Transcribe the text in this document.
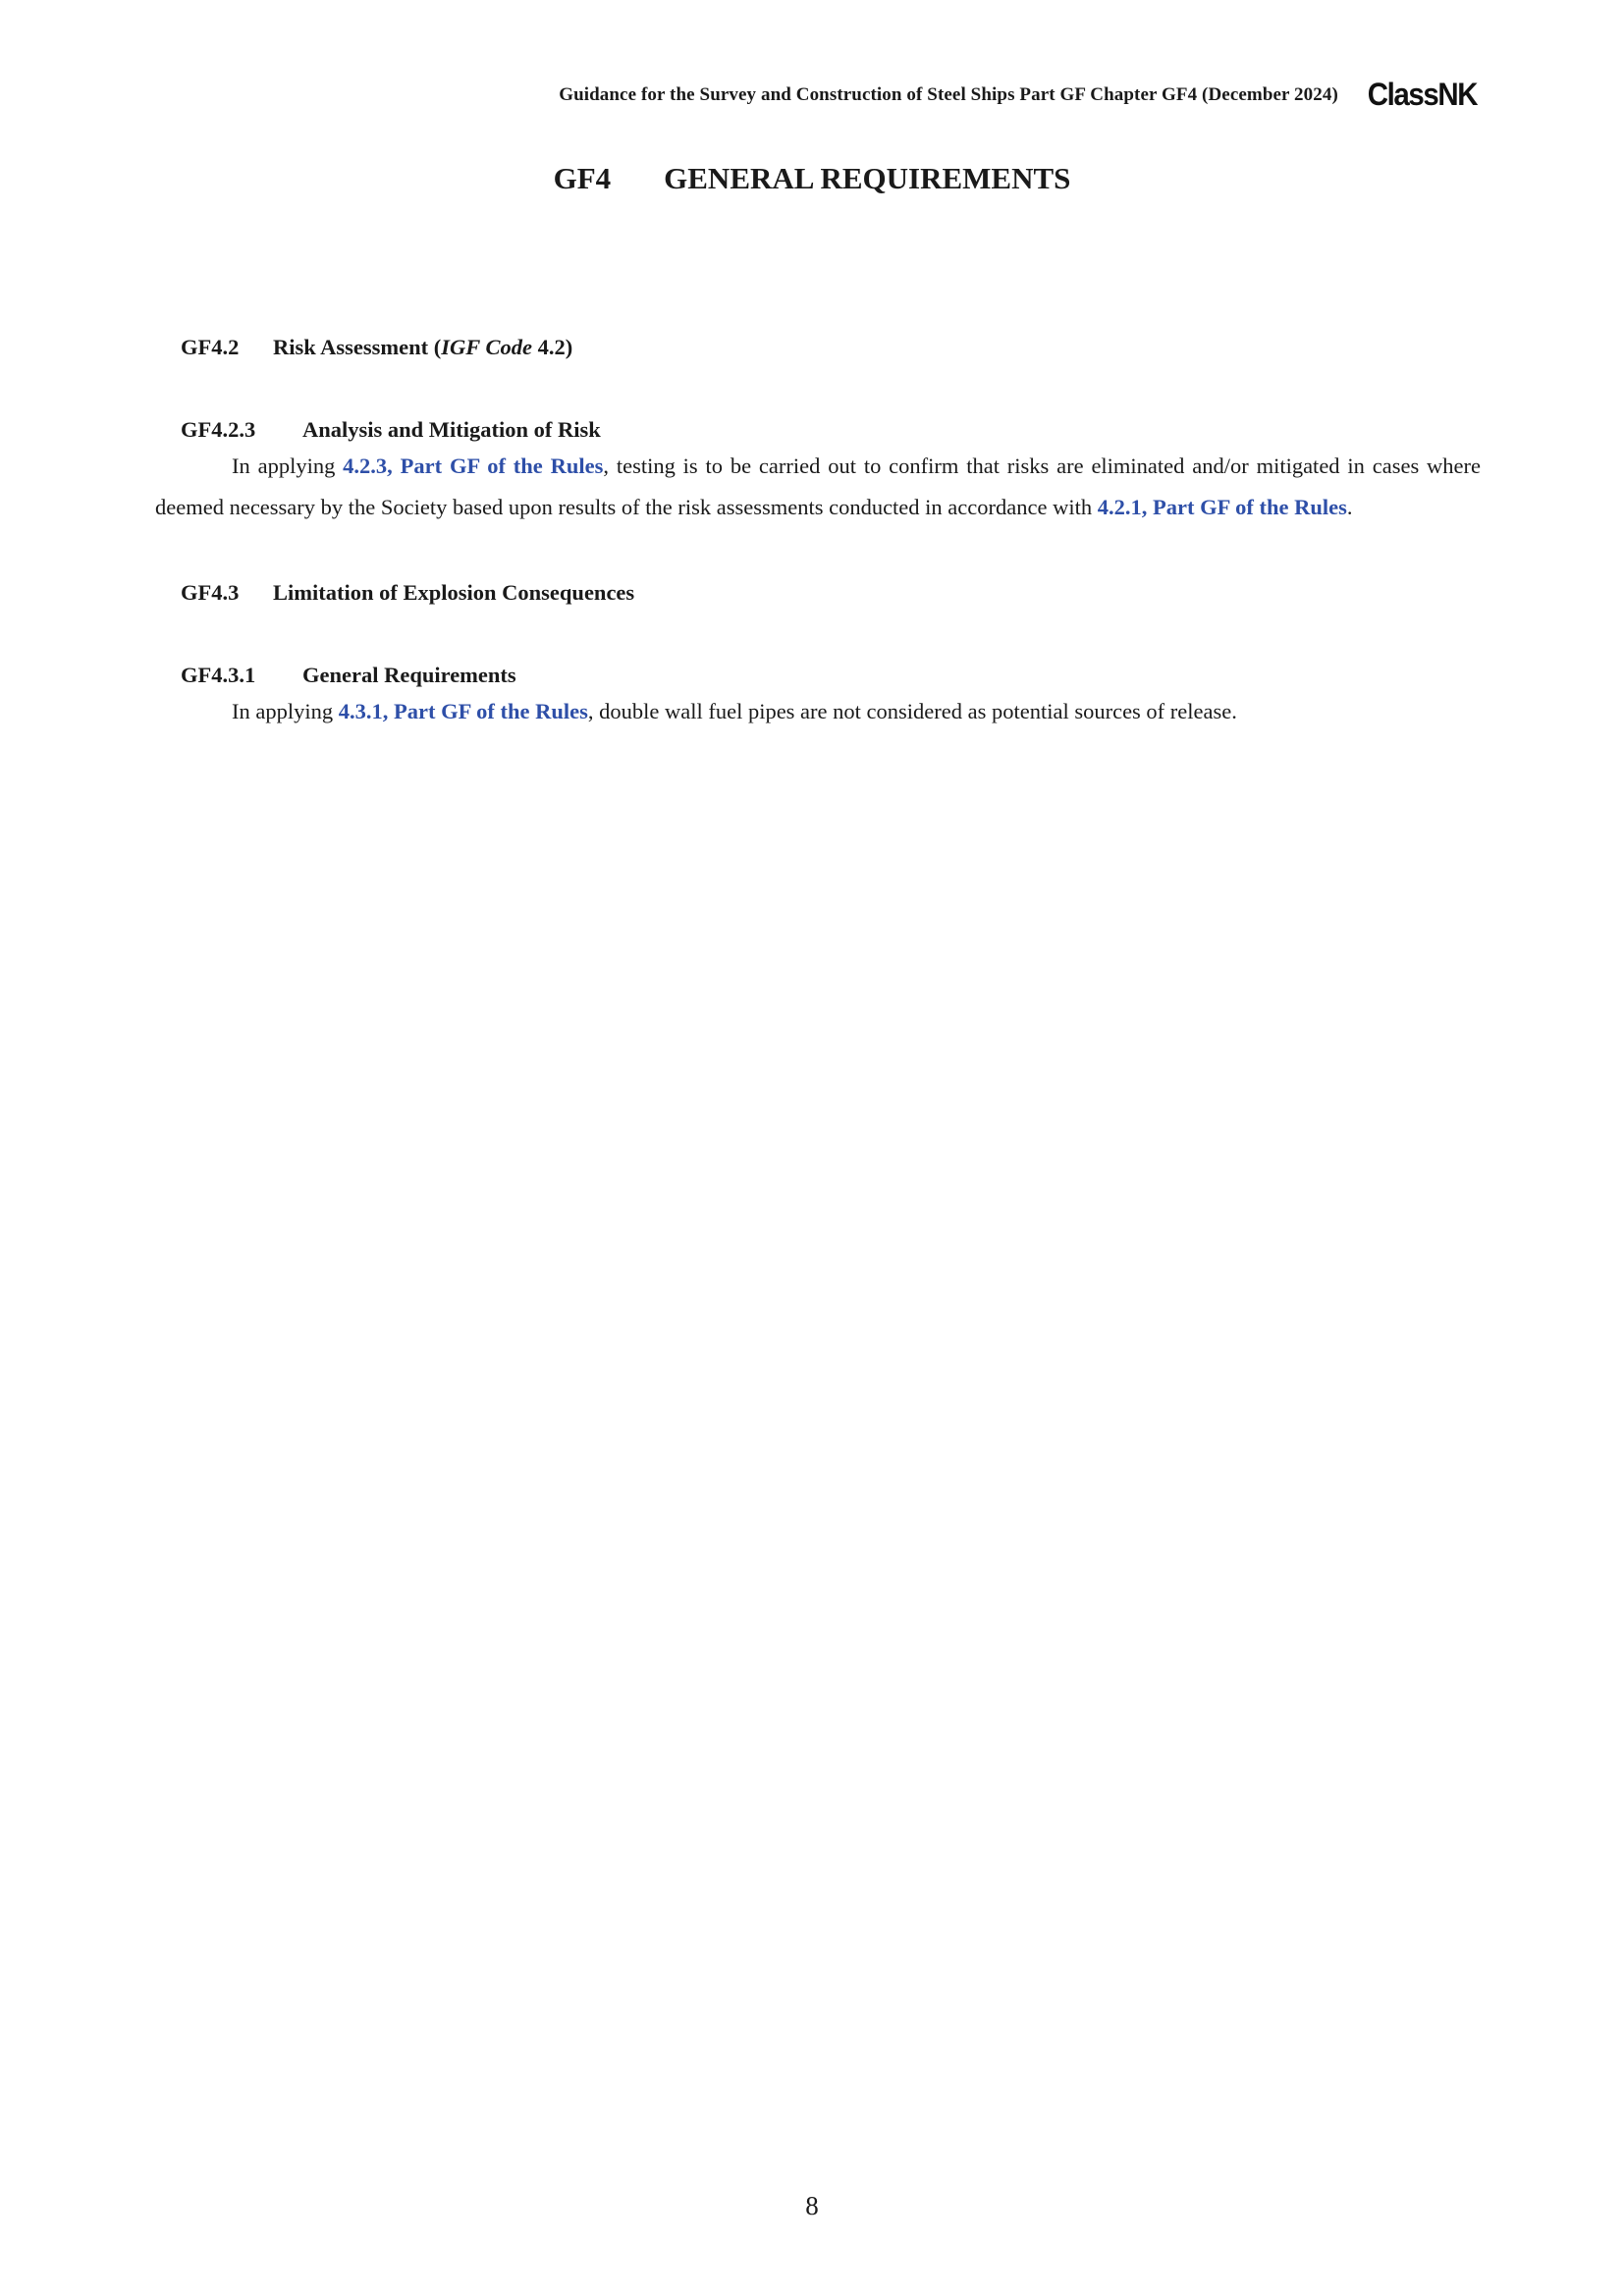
Guidance for the Survey and Construction of Steel Ships Part GF Chapter GF4 (December 2024) ClassNK
GF4 GENERAL REQUIREMENTS

GF4.2 Risk Assessment (IGF Code 4.2)

GF4.2.3 Analysis and Mitigation of Risk

In applying 4.2.3, Part GF of the Rules, testing is to be carried out to confirm that risks are eliminated and/or mitigated in cases where deemed necessary by the Society based upon results of the risk assessments conducted in accordance with 4.2.1, Part GF of the Rules.

GF4.3 Limitation of Explosion Consequences

GF4.3.1 General Requirements

In applying 4.3.1, Part GF of the Rules, double wall fuel pipes are not considered as potential sources of release.

8
